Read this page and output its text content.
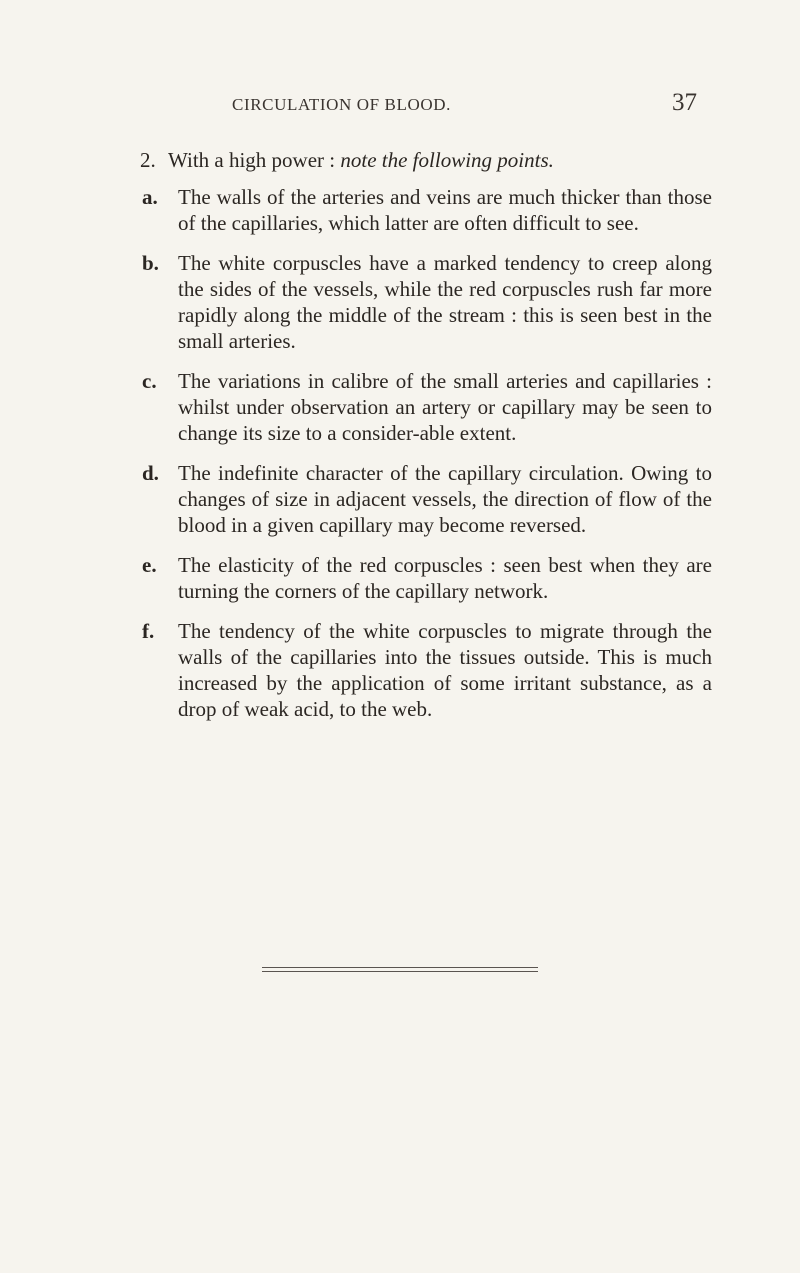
CIRCULATION OF BLOOD.	37
2. With a high power : note the following points.
a. The walls of the arteries and veins are much thicker than those of the capillaries, which latter are often difficult to see.
b. The white corpuscles have a marked tendency to creep along the sides of the vessels, while the red corpuscles rush far more rapidly along the middle of the stream : this is seen best in the small arteries.
c. The variations in calibre of the small arteries and capillaries : whilst under observation an artery or capillary may be seen to change its size to a consider-able extent.
d. The indefinite character of the capillary circulation. Owing to changes of size in adjacent vessels, the direction of flow of the blood in a given capillary may become reversed.
e. The elasticity of the red corpuscles : seen best when they are turning the corners of the capillary network.
f. The tendency of the white corpuscles to migrate through the walls of the capillaries into the tissues outside. This is much increased by the application of some irritant substance, as a drop of weak acid, to the web.
